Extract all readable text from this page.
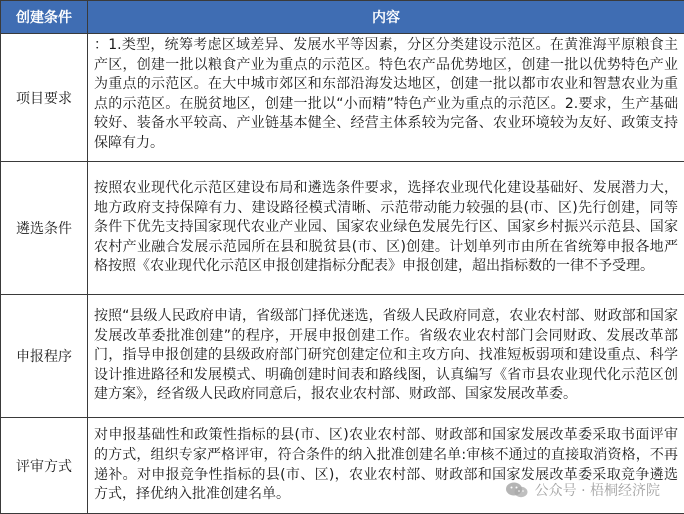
创建条件	内容
项目要求	：1.类型，统筹考虑区域差异、发展水平等因素，分区分类建设示范区。在黄淮海平原粮食主产区，创建一批以粮食产业为重点的示范区。特色农产品优势地区，创建一批以优势特色产业为重点的示范区。在大中城市郊区和东部沿海发达地区，创建一批以都市农业和智慧农业为重点的示范区。在脱贫地区，创建一批以“小而精”特色产业为重点的示范区。2.要求，生产基础较好、装备水平较高、产业链基本健全、经营主体系较为完备、农业环境较为友好、政策支持保障有力。
遴选条件	按照农业现代化示范区建设布局和遴选条件要求，选择农业现代化建设基础好、发展潜力大，地方政府支持保障有力、建设路径模式清晰、示范带动能力较强的县(市、区)先行创建，同等条件下优先支持国家现代农业产业园、国家农业绿色发展先行区、国家乡村振兴示范县、国家农村产业融合发展示范园所在县和脱贫县(市、区)创建。计划单列市由所在省统筹申报各地严格按照《农业现代化示范区申报创建指标分配表》申报创建，超出指标数的一律不予受理。
申报程序	按照“县级人民政府申请，省级部门择优迷选，省级人民政府同意，农业农村部、财政部和国家发展改革委批准创建”的程序，开展申报创建工作。省级农业农村部门会同财政、发展改革部门，指导申报创建的县级政府部门研究创建定位和主攻方向、找准短板弱项和建设重点、科学设计推进路径和发展模式、明确创建时间表和路线图，认真编写《省市县农业现代化示范区创建方案》，经省级人民政府同意后，报农业农村部、财政部、国家发展改革委。
评审方式	对申报基础性和政策性指标的县(市、区)农业农村部、财政部和国家发展改革委采取书面评审的方式，组织专家严格评审，符合条件的纳入批准创建名单:审核不通过的直接取消资格，不再递补。对申报竞争性指标的县(市、区)，农业农村部、财政部和国家发展改革委采取竞争遴选方式，择优纳入批准创建名单。	公众号 · 梧桐经济院
